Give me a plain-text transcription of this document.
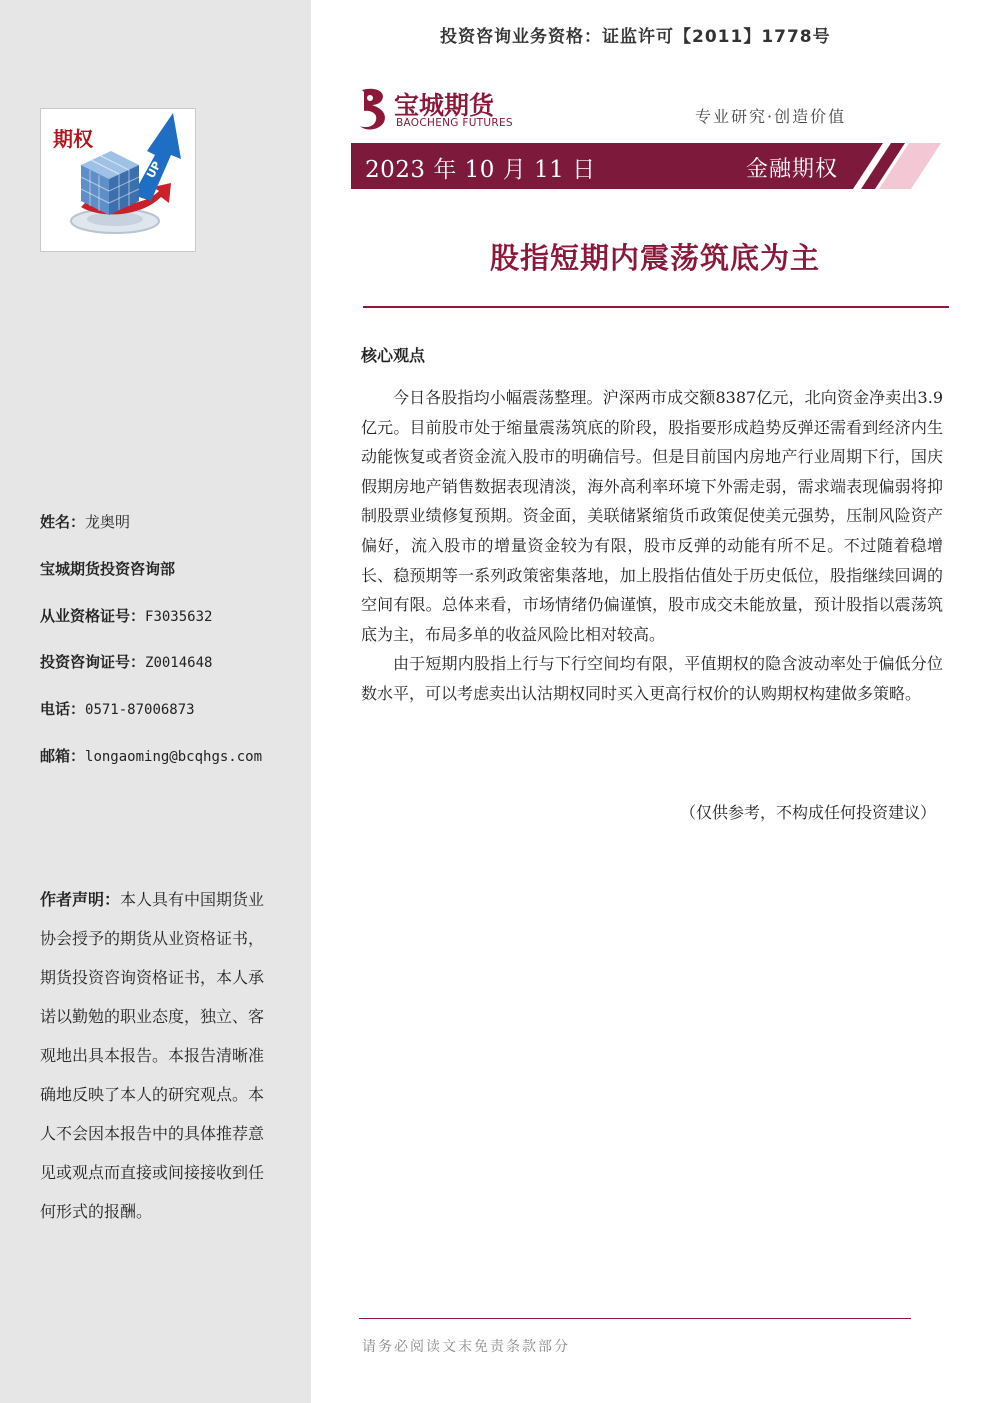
期权
UP
姓名：龙奥明
宝城期货投资咨询部
从业资格证号：F3035632
投资咨询证号：Z0014648
电话：0571-87006873
邮箱：longaoming@bcqhgs.com
作者声明：本人具有中国期货业协会授予的期货从业资格证书，期货投资咨询资格证书，本人承诺以勤勉的职业态度，独立、客观地出具本报告。本报告清晰准确地反映了本人的研究观点。本人不会因本报告中的具体推荐意见或观点而直接或间接接收到任何形式的报酬。
投资咨询业务资格：证监许可【2011】1778号
宝城期货
BAOCHENG FUTURES	专业研究·创造价值
2023 年 10 月 11 日	金融期权
股指短期内震荡筑底为主
核心观点

今日各股指均小幅震荡整理。沪深两市成交额8387亿元，北向资金净卖出3.9亿元。目前股市处于缩量震荡筑底的阶段，股指要形成趋势反弹还需看到经济内生动能恢复或者资金流入股市的明确信号。但是目前国内房地产行业周期下行，国庆假期房地产销售数据表现清淡，海外高利率环境下外需走弱，需求端表现偏弱将抑制股票业绩修复预期。资金面，美联储紧缩货币政策促使美元强势，压制风险资产偏好，流入股市的增量资金较为有限，股市反弹的动能有所不足。不过随着稳增长、稳预期等一系列政策密集落地，加上股指估值处于历史低位，股指继续回调的空间有限。总体来看，市场情绪仍偏谨慎，股市成交未能放量，预计股指以震荡筑底为主，布局多单的收益风险比相对较高。

由于短期内股指上行与下行空间均有限，平值期权的隐含波动率处于偏低分位数水平，可以考虑卖出认沽期权同时买入更高行权价的认购期权构建做多策略。

（仅供参考，不构成任何投资建议）
请务必阅读文末免责条款部分
